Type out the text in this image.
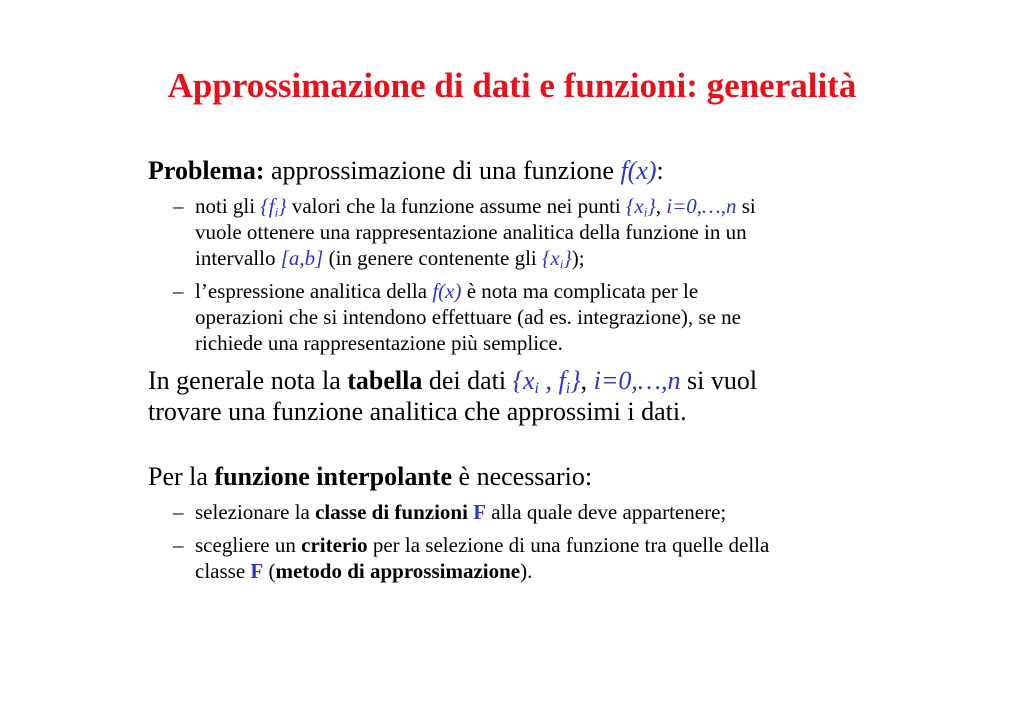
Approssimazione di dati e funzioni: generalità
Problema: approssimazione di una funzione f(x):
– noti gli $\{f_i\}$ valori che la funzione assume nei punti $\{x_i\}$, i=0,…,n si
vuole ottenere una rappresentazione analitica della funzione in un
intervallo [a,b] (in genere contenente gli $\{x_i\}$);
– l’espressione analitica della f(x) è nota ma complicata per le
operazioni che si intendono effettuare (ad es. integrazione), se ne
richiede una rappresentazione più semplice.
In generale nota la tabella dei dati {$x_i$ , $f_i$}, i=0,…,n si vuol
trovare una funzione analitica che approssimi i dati.
Per la funzione interpolante è necessario:
– selezionare la classe di funzioni F alla quale deve appartenere;
– scegliere un criterio per la selezione di una funzione tra quelle della
classe F (metodo di approssimazione).
